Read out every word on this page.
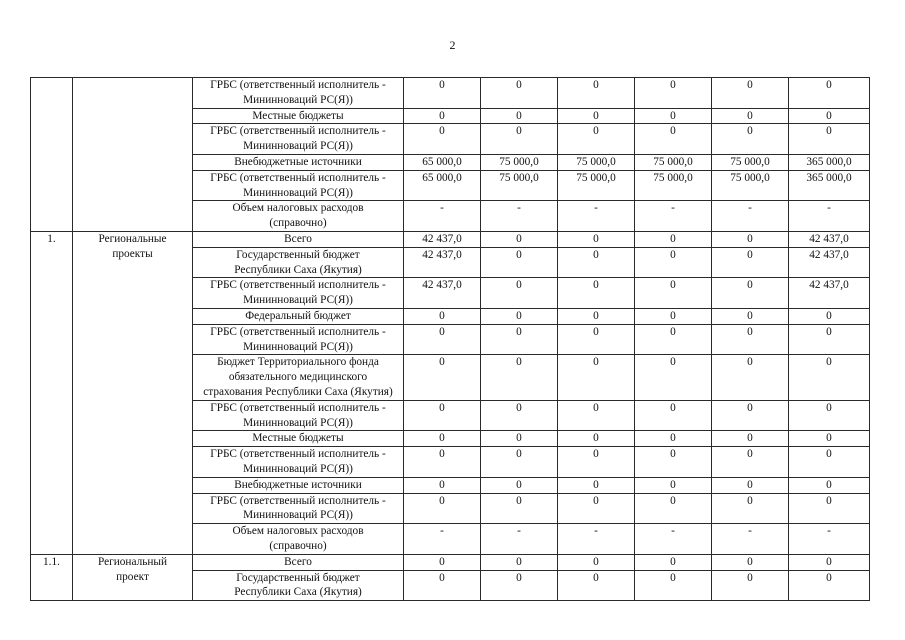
2

		ГРБС (ответственный исполнитель -
Мининноваций РС(Я))	0	0	0	0	0	0

		Местные бюджеты	0	0	0	0	0	0

		ГРБС (ответственный исполнитель -
Мининноваций РС(Я))	0	0	0	0	0	0

		Внебюджетные источники	65 000,0	75 000,0	75 000,0	75 000,0	75 000,0	365 000,0

		ГРБС (ответственный исполнитель -
Мининноваций РС(Я))	65 000,0	75 000,0	75 000,0	75 000,0	75 000,0	365 000,0

		Объем налоговых расходов
(справочно)	-	-	-	-	-	-

1.	Региональные
проекты	Всего	42 437,0	0	0	0	0	42 437,0

		Государственный бюджет
Республики Саха (Якутия)	42 437,0	0	0	0	0	42 437,0

		ГРБС (ответственный исполнитель -
Мининноваций РС(Я))	42 437,0	0	0	0	0	42 437,0

		Федеральный бюджет	0	0	0	0	0	0

		ГРБС (ответственный исполнитель -
Мининноваций РС(Я))	0	0	0	0	0	0

		Бюджет Территориального фонда
обязательного медицинского
страхования Республики Саха (Якутия)	0	0	0	0	0	0

		ГРБС (ответственный исполнитель -
Мининноваций РС(Я))	0	0	0	0	0	0

		Местные бюджеты	0	0	0	0	0	0

		ГРБС (ответственный исполнитель -
Мининноваций РС(Я))	0	0	0	0	0	0

		Внебюджетные источники	0	0	0	0	0	0

		ГРБС (ответственный исполнитель -
Мининноваций РС(Я))	0	0	0	0	0	0

		Объем налоговых расходов
(справочно)	-	-	-	-	-	-

1.1.	Региональный
проект	Всего	0	0	0	0	0	0

		Государственный бюджет
Республики Саха (Якутия)	0	0	0	0	0	0
